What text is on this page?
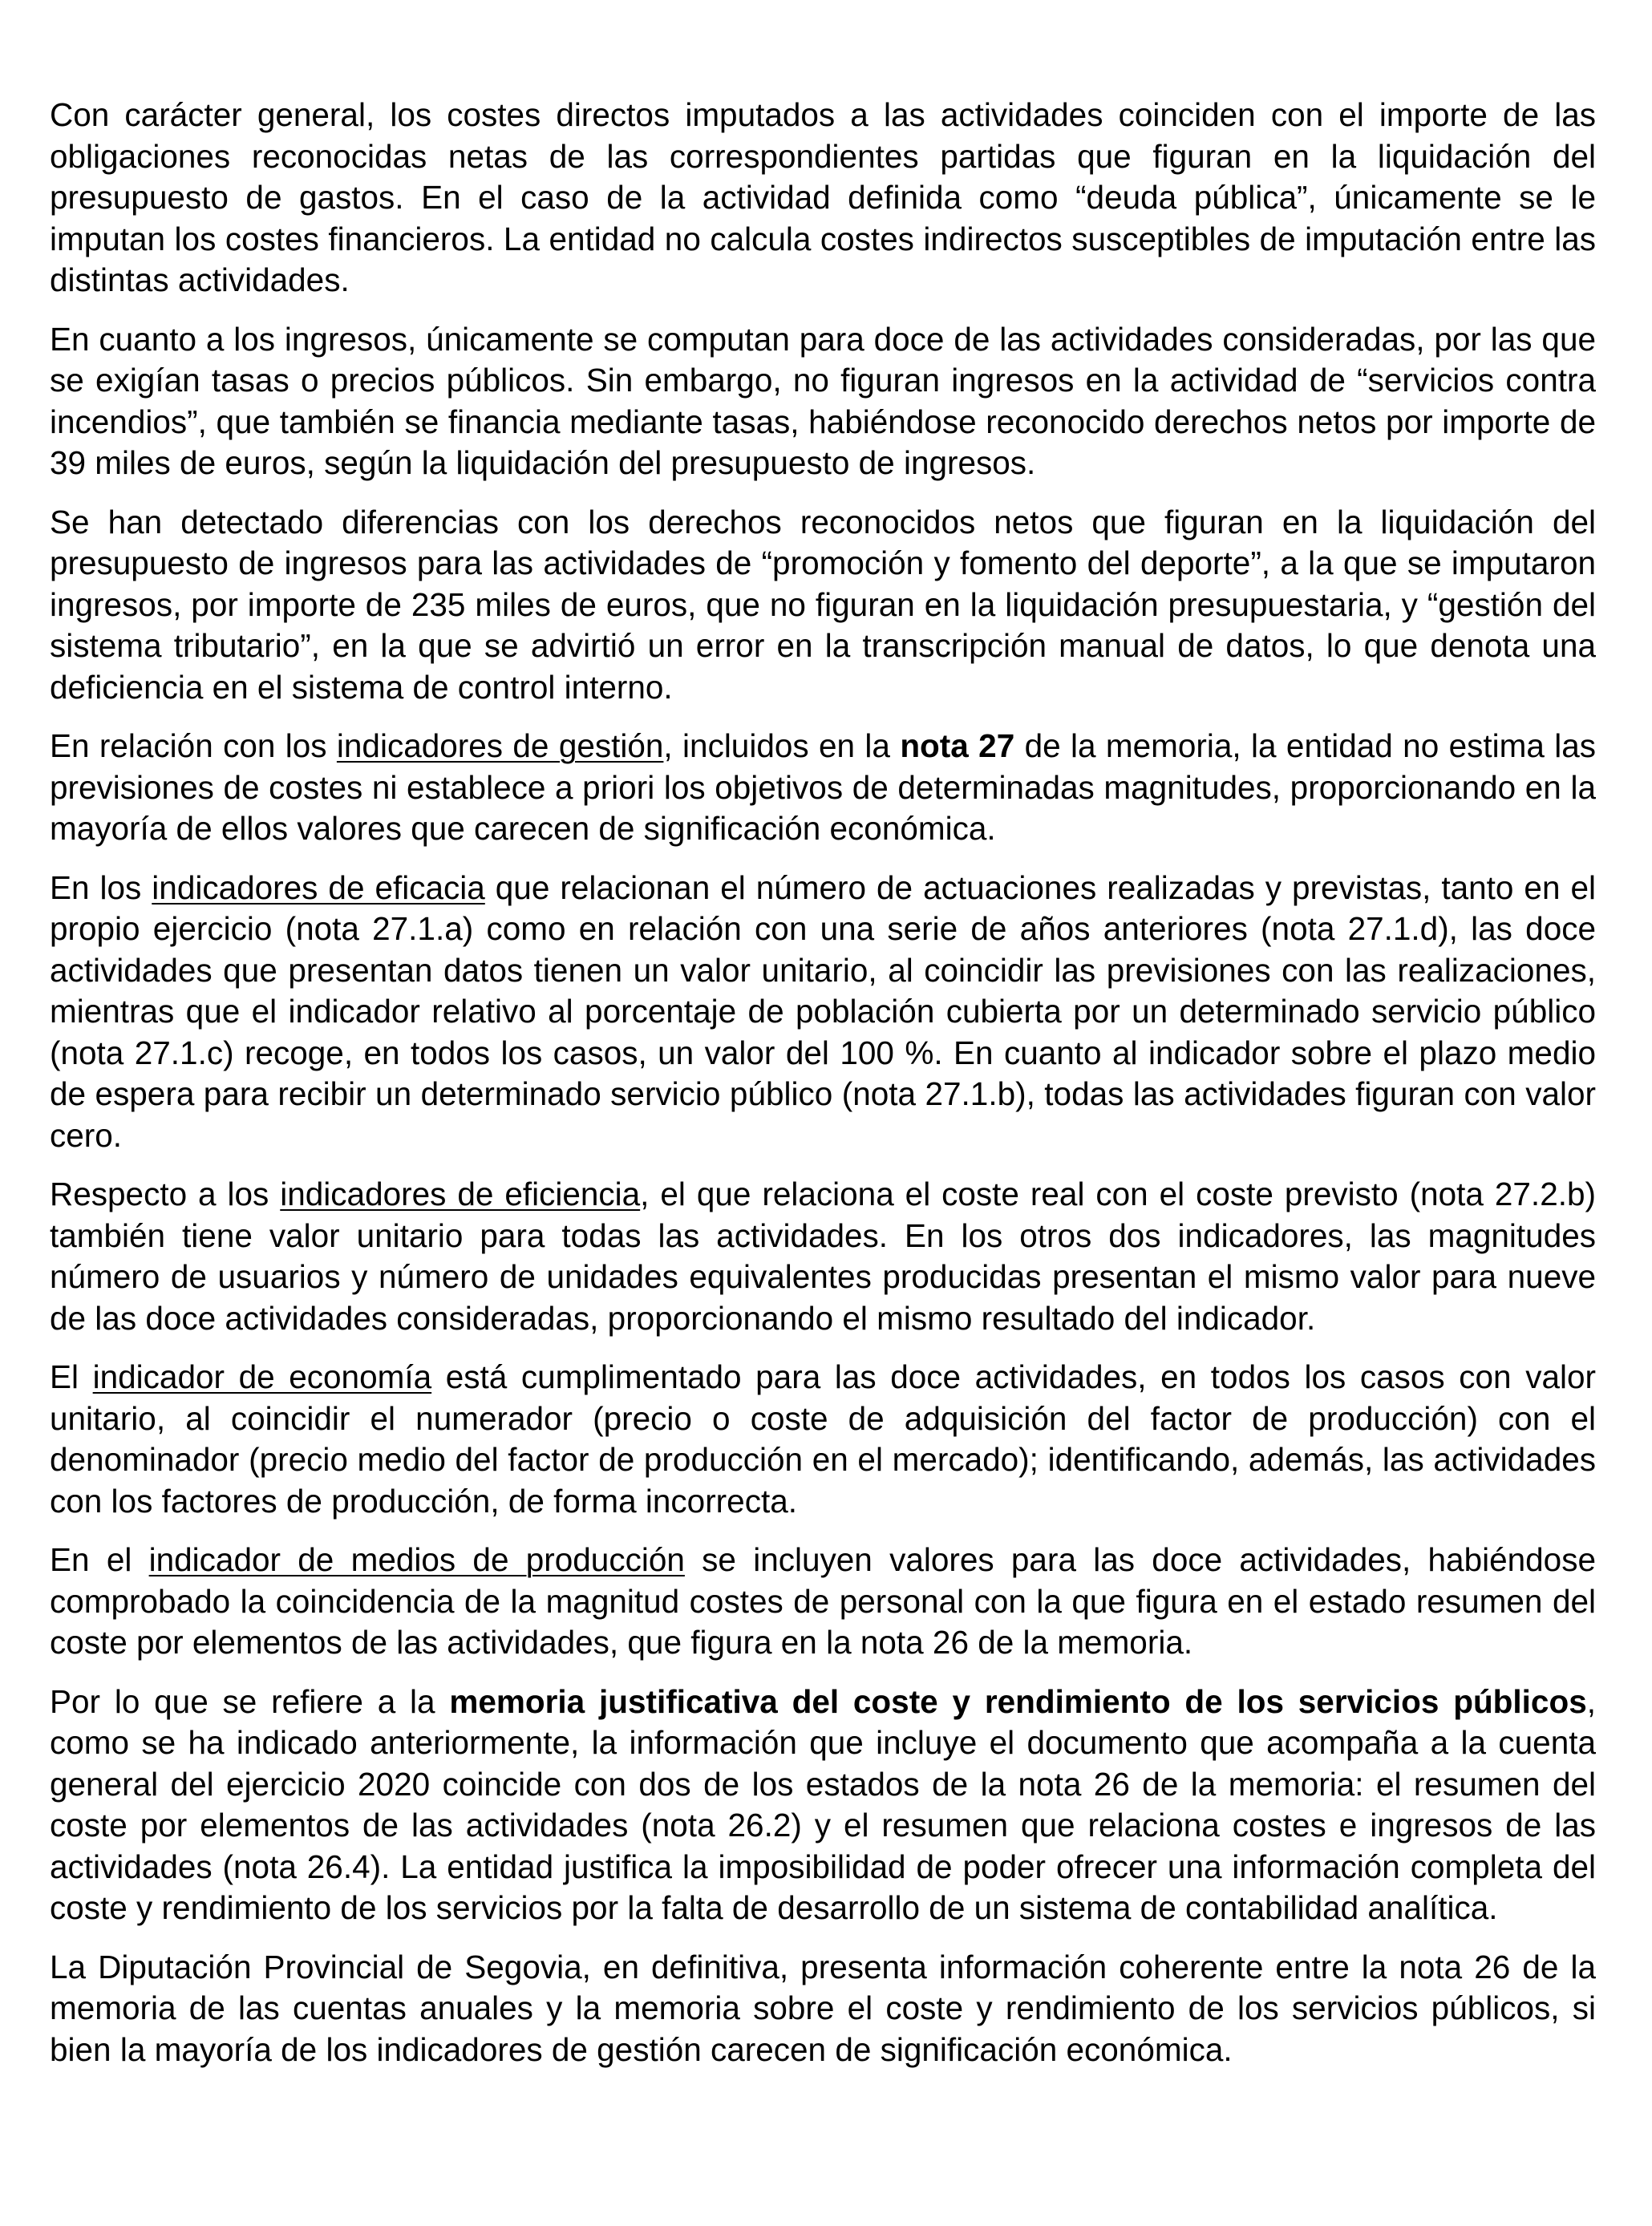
Con carácter general, los costes directos imputados a las actividades coinciden con el importe de las obligaciones reconocidas netas de las correspondientes partidas que figuran en la liquidación del presupuesto de gastos. En el caso de la actividad definida como “deuda pública”, únicamente se le imputan los costes financieros. La entidad no calcula costes indirectos susceptibles de imputación entre las distintas actividades.

En cuanto a los ingresos, únicamente se computan para doce de las actividades consideradas, por las que se exigían tasas o precios públicos. Sin embargo, no figuran ingresos en la actividad de “servicios contra incendios”, que también se financia mediante tasas, habiéndose reconocido derechos netos por importe de 39 miles de euros, según la liquidación del presupuesto de ingresos.

Se han detectado diferencias con los derechos reconocidos netos que figuran en la liquidación del presupuesto de ingresos para las actividades de “promoción y fomento del deporte”, a la que se imputaron ingresos, por importe de 235 miles de euros, que no figuran en la liquidación presupuestaria, y “gestión del sistema tributario”, en la que se advirtió un error en la transcripción manual de datos, lo que denota una deficiencia en el sistema de control interno.

En relación con los indicadores de gestión, incluidos en la nota 27 de la memoria, la entidad no estima las previsiones de costes ni establece a priori los objetivos de determinadas magnitudes, proporcionando en la mayoría de ellos valores que carecen de significación económica.

En los indicadores de eficacia que relacionan el número de actuaciones realizadas y previstas, tanto en el propio ejercicio (nota 27.1.a) como en relación con una serie de años anteriores (nota 27.1.d), las doce actividades que presentan datos tienen un valor unitario, al coincidir las previsiones con las realizaciones, mientras que el indicador relativo al porcentaje de población cubierta por un determinado servicio público (nota 27.1.c) recoge, en todos los casos, un valor del 100 %. En cuanto al indicador sobre el plazo medio de espera para recibir un determinado servicio público (nota 27.1.b), todas las actividades figuran con valor cero.

Respecto a los indicadores de eficiencia, el que relaciona el coste real con el coste previsto (nota 27.2.b) también tiene valor unitario para todas las actividades. En los otros dos indicadores, las magnitudes número de usuarios y número de unidades equivalentes producidas presentan el mismo valor para nueve de las doce actividades consideradas, proporcionando el mismo resultado del indicador.

El indicador de economía está cumplimentado para las doce actividades, en todos los casos con valor unitario, al coincidir el numerador (precio o coste de adquisición del factor de producción) con el denominador (precio medio del factor de producción en el mercado); identificando, además, las actividades con los factores de producción, de forma incorrecta.

En el indicador de medios de producción se incluyen valores para las doce actividades, habiéndose comprobado la coincidencia de la magnitud costes de personal con la que figura en el estado resumen del coste por elementos de las actividades, que figura en la nota 26 de la memoria.

Por lo que se refiere a la memoria justificativa del coste y rendimiento de los servicios públicos, como se ha indicado anteriormente, la información que incluye el documento que acompaña a la cuenta general del ejercicio 2020 coincide con dos de los estados de la nota 26 de la memoria: el resumen del coste por elementos de las actividades (nota 26.2) y el resumen que relaciona costes e ingresos de las actividades (nota 26.4). La entidad justifica la imposibilidad de poder ofrecer una información completa del coste y rendimiento de los servicios por la falta de desarrollo de un sistema de contabilidad analítica.

La Diputación Provincial de Segovia, en definitiva, presenta información coherente entre la nota 26 de la memoria de las cuentas anuales y la memoria sobre el coste y rendimiento de los servicios públicos, si bien la mayoría de los indicadores de gestión carecen de significación económica.
